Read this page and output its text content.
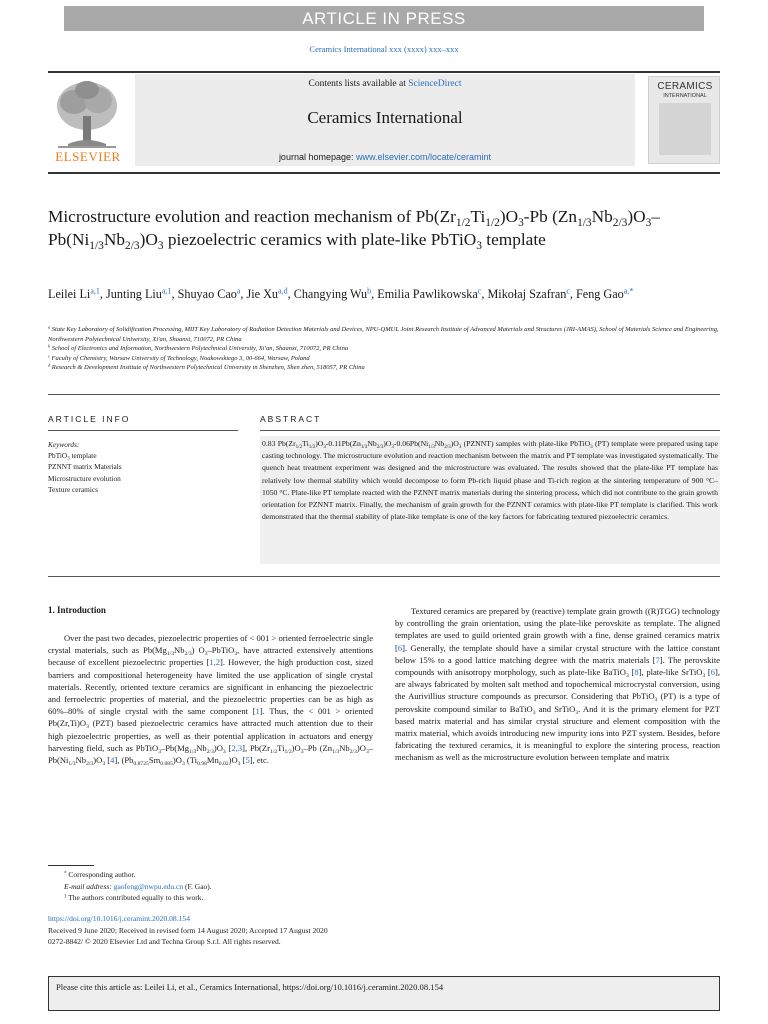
ARTICLE IN PRESS
Ceramics International xxx (xxxx) xxx–xxx
ELSEVIER
Contents lists available at ScienceDirect
Ceramics International
journal homepage: www.elsevier.com/locate/ceramint
CERAMICS
INTERNATIONAL
Microstructure evolution and reaction mechanism of $Pb(Zr_{1/2}Ti_{1/2})O_3-Pb$ $(Zn_{1/3}Nb_{2/3})O_3-Pb(Ni_{1/3}Nb_{2/3})O_3$ piezoelectric ceramics with plate-like PbTiO$_3$ template
Leilei Li$^{a,1}$, Junting Liu$^{a,1}$, Shuyao Cao$^a$, Jie Xu$^{a,d}$, Changying Wu$^b$, Emilia Pawlikowska$^c$, Mikołaj Szafran$^c$, Feng Gao$^{a,*}$

$^a$ State Key Laboratory of Solidification Processing, MIIT Key Laboratory of Radiation Detection Materials and Devices, NPU-QMUL Joint Research Institute of Advanced Materials and Structures (JRI-AMAS), School of Materials Science and Engineering, Northwestern Polytechnical University, Xi'an, Shaanxi, 710072, PR China

$^b$ School of Electronics and Information, Northwestern Polytechnical University, Xi'an, Shaanxi, 710072, PR China

$^c$ Faculty of Chemistry, Warsaw University of Technology, Noakowskiego 3, 00-664, Warsaw, Poland

$^d$ Research & Development Institute of Northwestern Polytechnical University in Shenzhen, Shen zhen, 518057, PR China

ARTICLE INFO	ABSTRACT
Keywords:
PbTiO$_3$ template
PZNNT matrix Materials
Microstructure evolution
Texture ceramics
0.83 $Pb(Zr_{1/2}Ti_{1/2})O_3-0.11Pb(Zn_{1/3}Nb_{2/3})O_3-0.06Pb(Ni_{1/3}Nb_{2/3})O_3$ (PZNNT) samples with plate-like PbTiO$_3$ (PT) template were prepared using tape casting technology. The microstructure evolution and reaction mechanism between the matrix and PT template was investigated systematically. The quench heat treatment experiment was designed and the microstructure was evaluated. The results showed that the plate-like PT template has relatively low thermal stability which would decompose to form Pb-rich liquid phase and Ti-rich region at the sintering temperature of 900 °C–1050 °C. Plate-like PT template reacted with the PZNNT matrix materials during the sintering process, which did not contribute to the grain growth orientation for PZNNT matrix. Finally, the mechanism of grain growth for the PZNNT ceramics with plate-like PT template is clarified. This work demonstrated that the thermal stability of plate-like template is one of the key factors for fabricating textured piezoelectric ceramics.
1. Introduction

Over the past two decades, piezoelectric properties of < 001 > oriented ferroelectric single crystal materials, such as $Pb(Mg_{1/3}Nb_{2/3})$ $O_3-PbTiO_3$, have attracted extensively attentions because of excellent piezoelectric properties [1,2]. However, the high production cost, sized barriers and compositional heterogeneity have limited the use application of single crystal materials. Recently, oriented texture ceramics are significant in enhancing the piezoelectric and ferroelectric properties of material, and the piezoelectric properties can be as high as 60%–80% of single crystal with the same component [1]. Thus, the < 001 > oriented $Pb(Zr,Ti)O_3$ (PZT) based piezoelectric ceramics have attracted much attention due to their high piezoelectric properties, as well as their potential application in actuators and energy harvesting field, such as $PbTiO_3-Pb(Mg_{1/3}Nb_{2/3})O_3$ [2,3], $Pb(Zr_{1/2}Ti_{1/2})O_3-Pb$ $(Zn_{1/3}Nb_{2/3})O_3-Pb(Ni_{1/3}Nb_{2/3})O_3$ [4], $(Pb_{0.8725}Sm_{0.085})O_3$ $(Ti_{0.98}Mn_{0.02})O_3$ [5], etc.

Textured ceramics are prepared by (reactive) template grain growth ((R)TGG) technology by controlling the grain orientation, using the plate-like perovskite as template. The aligned templates are used to guild oriented grain growth with a fine, dense grained ceramics matrix [6]. Generally, the template should have a similar crystal structure with the lattice constant below 15% to a good lattice matching degree with the matrix materials [7]. The perovskite compounds with anisotropy morphology, such as plate-like BaTiO$_3$ [8], plate-like SrTiO$_3$ [6], are always fabricated by molten salt method and topochemical microcrystal conversion, using the Aurivillius structure compounds as precursor. Considering that PbTiO$_3$ (PT) is a type of perovskite compound similar to BaTiO$_3$ and SrTiO$_3$. And it is the primary element for PZT based matrix material and has similar crystal structure and element composition with the matrix material, which avoids introducing new impurity ions into PZT system. Besides, before fabricating the textured ceramics, it is meaningful to explore the sintering process, reaction mechanism as well as the microstructure evolution between template and matrix

* Corresponding author.
E-mail address: gaofeng@nwpu.edu.cn (F. Gao).
$^1$ The authors contributed equally to this work.
https://doi.org/10.1016/j.ceramint.2020.08.154
Received 9 June 2020; Received in revised form 14 August 2020; Accepted 17 August 2020
0272-8842/ © 2020 Elsevier Ltd and Techna Group S.r.l. All rights reserved.
Please cite this article as: Leilei Li, et al., Ceramics International, https://doi.org/10.1016/j.ceramint.2020.08.154
